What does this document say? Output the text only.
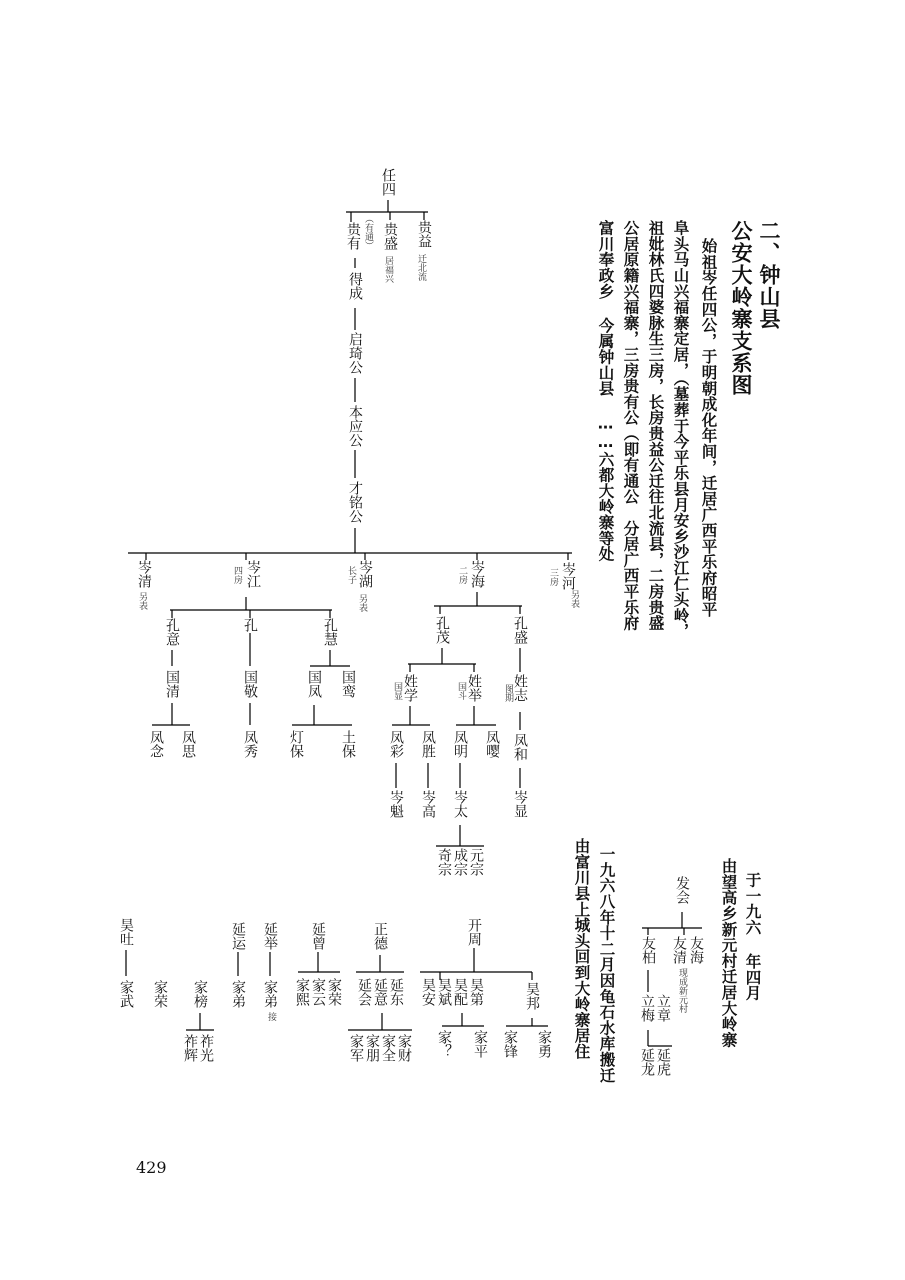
二、钟山县
公安大岭寨支系图
始祖岑任四公，于明朝成化年间，迁居广西平乐府昭平
阜头马山兴福寨定居，（墓葬于今平乐县月安乡沙江仁头岭，
祖妣林氏四婆脉生三房，长房贵益公迁往北流县，二房贵盛
公居原籍兴福寨，三房贵有公（即有通公　分居广西平乐府
富川奉政乡 今属钟山县 ……六都大岭寨等处
于一九六 年四月
由望高乡新元村迁居大岭寨
一九六八年十二月因龟石水库搬迁
由富川县上城头回到大岭寨居住
任四
贵益
迁北流
贵盛
居福兴
（有通）
贵有
得成
启琦公
本应公
才铭公
岑河
三房
另表
岑海
二房
岑湖
长子
另表
岑江
四房
岑清
另表
孔意	孔	孔慧
国清	国敬	国凤 国鸾
凤念 凤思	凤秀 灯保	土保
孔茂	孔盛
姓学
国显	姓举
国斗	姓志
图期
凤彩 凤胜 凤明 凤嘤 凤和
岑魁 岑高 岑太	岑显
奇宗 成宗 元宗
发会
友海
现成新元村
友清
友柏
立章
立梅
延虎
延龙
开周
昊邦
昊第
昊配
昊斌
昊安
家勇
家锋
家平
家？
正德
延东
延意
延会
家财
家全
家朋
家军
延曾
家荣
家云
家熙
延举
家弟
接
延运
家弟
家榜
祚光
祚辉
家荣
昊吐
家武
429
